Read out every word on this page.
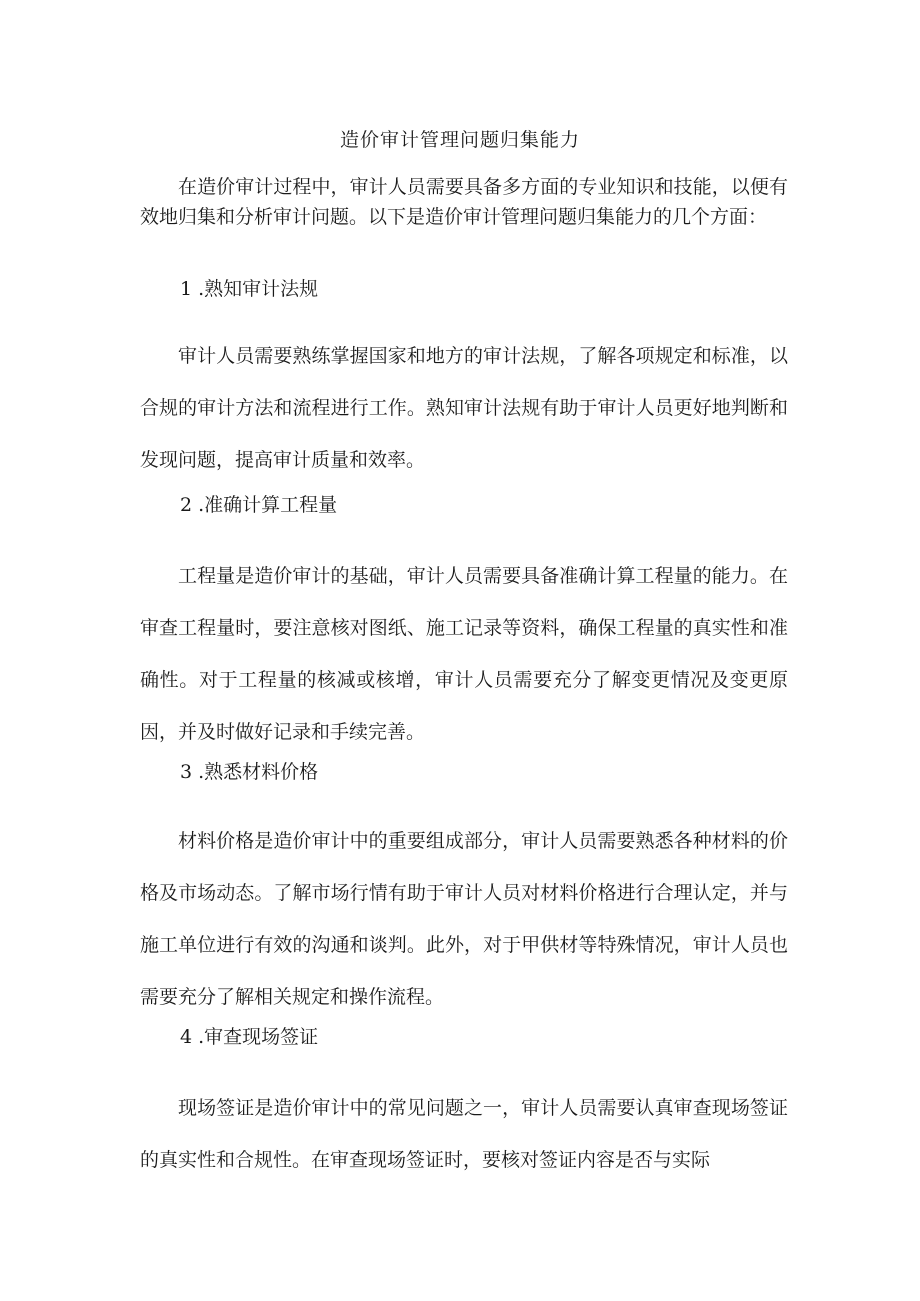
造价审计管理问题归集能力

在造价审计过程中，审计人员需要具备多方面的专业知识和技能，以便有效地归集和分析审计问题。以下是造价审计管理问题归集能力的几个方面：

1 .熟知审计法规

审计人员需要熟练掌握国家和地方的审计法规，了解各项规定和标准，以合规的审计方法和流程进行工作。熟知审计法规有助于审计人员更好地判断和发现问题，提高审计质量和效率。

2 .准确计算工程量

工程量是造价审计的基础，审计人员需要具备准确计算工程量的能力。在审查工程量时，要注意核对图纸、施工记录等资料，确保工程量的真实性和准确性。对于工程量的核减或核增，审计人员需要充分了解变更情况及变更原因，并及时做好记录和手续完善。

3 .熟悉材料价格

材料价格是造价审计中的重要组成部分，审计人员需要熟悉各种材料的价格及市场动态。了解市场行情有助于审计人员对材料价格进行合理认定，并与施工单位进行有效的沟通和谈判。此外，对于甲供材等特殊情况，审计人员也需要充分了解相关规定和操作流程。

4 .审查现场签证

现场签证是造价审计中的常见问题之一，审计人员需要认真审查现场签证的真实性和合规性。在审查现场签证时，要核对签证内容是否与实际
